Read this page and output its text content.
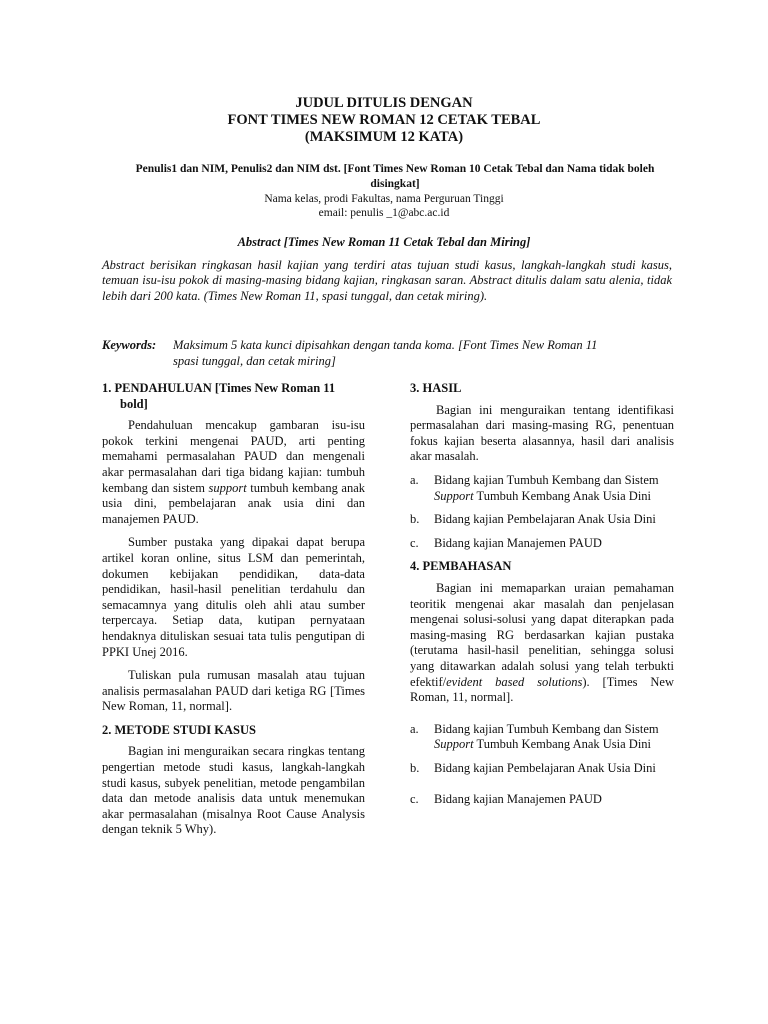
JUDUL DITULIS DENGAN
FONT TIMES NEW ROMAN 12 CETAK TEBAL
(MAKSIMUM 12 KATA)
Penulis1 dan NIM, Penulis2 dan NIM dst. [Font Times New Roman 10 Cetak Tebal dan Nama tidak boleh disingkat]
Nama kelas, prodi Fakultas, nama Perguruan Tinggi
email: penulis _1@abc.ac.id
Abstract [Times New Roman 11 Cetak Tebal dan Miring]
Abstract berisikan ringkasan hasil kajian yang terdiri atas tujuan studi kasus, langkah-langkah studi kasus, temuan isu-isu pokok di masing-masing bidang kajian, ringkasan saran. Abstract ditulis dalam satu alenia, tidak lebih dari 200 kata. (Times New Roman 11, spasi tunggal, dan cetak miring).
Keywords:	Maksimum 5 kata kunci dipisahkan dengan tanda koma. [Font Times New Roman 11
spasi tunggal, dan cetak miring]
1. PENDAHULUAN [Times New Roman 11 bold]

Pendahuluan mencakup gambaran isu-isu pokok terkini mengenai PAUD, arti penting memahami permasalahan PAUD dan mengenali akar permasalahan dari tiga bidang kajian: tumbuh kembang dan sistem support tumbuh kembang anak usia dini, pembelajaran anak usia dini dan manajemen PAUD.

Sumber pustaka yang dipakai dapat berupa artikel koran online, situs LSM dan pemerintah, dokumen kebijakan pendidikan, data-data pendidikan, hasil-hasil penelitian terdahulu dan semacamnya yang ditulis oleh ahli atau sumber terpercaya. Setiap data, kutipan pernyataan hendaknya dituliskan sesuai tata tulis pengutipan di PPKI Unej 2016.

Tuliskan pula rumusan masalah atau tujuan analisis permasalahan PAUD dari ketiga RG [Times New Roman, 11, normal].

2. METODE STUDI KASUS

Bagian ini menguraikan secara ringkas tentang pengertian metode studi kasus, langkah-langkah studi kasus, subyek penelitian, metode pengambilan data dan metode analisis data untuk menemukan akar permasalahan (misalnya Root Cause Analysis dengan teknik 5 Why).

3. HASIL

Bagian ini menguraikan tentang identifikasi permasalahan dari masing-masing RG, penentuan fokus kajian beserta alasannya, hasil dari analisis akar masalah.

a. Bidang kajian Tumbuh Kembang dan Sistem Support Tumbuh Kembang Anak Usia Dini
b. Bidang kajian Pembelajaran Anak Usia Dini
c. Bidang kajian Manajemen PAUD
4. PEMBAHASAN

Bagian ini memaparkan uraian pemahaman teoritik mengenai akar masalah dan penjelasan mengenai solusi-solusi yang dapat diterapkan pada masing-masing RG berdasarkan kajian pustaka (terutama hasil-hasil penelitian, sehingga solusi yang ditawarkan adalah solusi yang telah terbukti efektif/evident based solutions). [Times New Roman, 11, normal].

a. Bidang kajian Tumbuh Kembang dan Sistem Support Tumbuh Kembang Anak Usia Dini
b. Bidang kajian Pembelajaran Anak Usia Dini
c. Bidang kajian Manajemen PAUD
